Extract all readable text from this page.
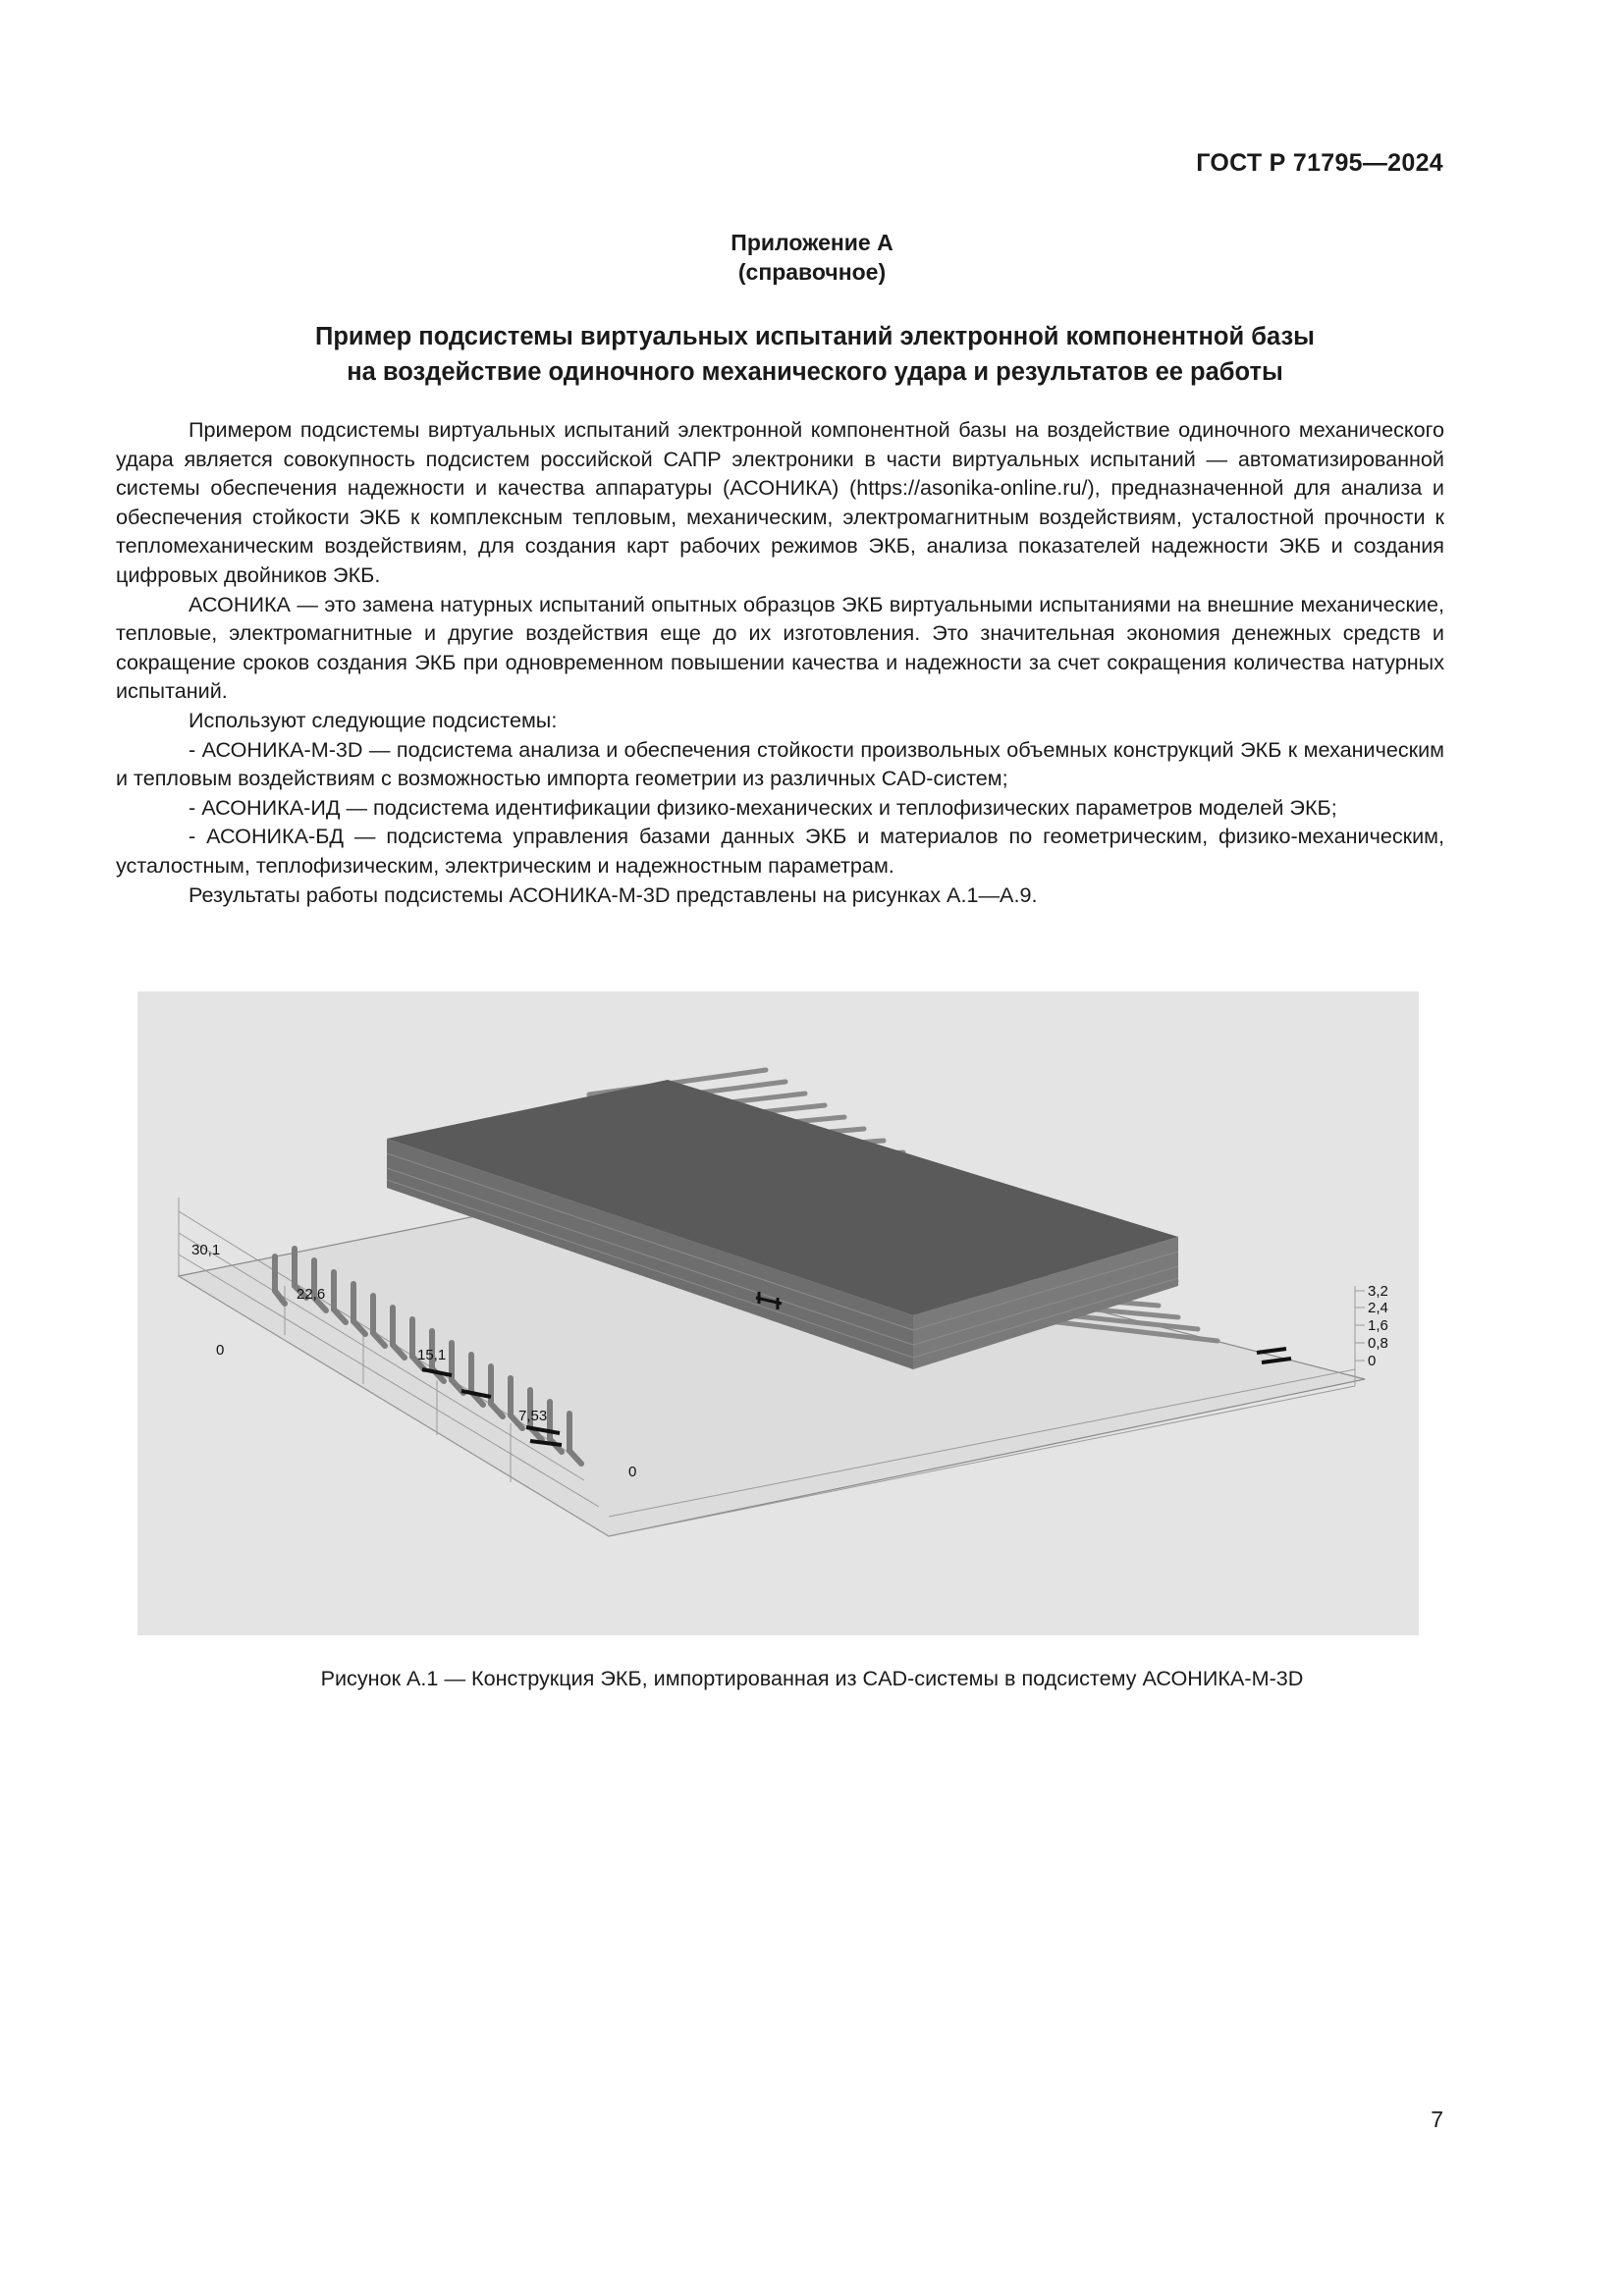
ГОСТ Р 71795—2024
Приложение А
(справочное)
Пример подсистемы виртуальных испытаний электронной компонентной базы
на воздействие одиночного механического удара и результатов ее работы

Примером подсистемы виртуальных испытаний электронной компонентной базы на воздействие одиночного механического удара является совокупность подсистем российской САПР электроники в части виртуальных испытаний — автоматизированной системы обеспечения надежности и качества аппаратуры (АСОНИКА) (https://asonika-online.ru/), предназначенной для анализа и обеспечения стойкости ЭКБ к комплексным тепловым, механическим, электромагнитным воздействиям, усталостной прочности к тепломеханическим воздействиям, для создания карт рабочих режимов ЭКБ, анализа показателей надежности ЭКБ и создания цифровых двойников ЭКБ.

АСОНИКА — это замена натурных испытаний опытных образцов ЭКБ виртуальными испытаниями на внешние механические, тепловые, электромагнитные и другие воздействия еще до их изготовления. Это значительная экономия денежных средств и сокращение сроков создания ЭКБ при одновременном повышении качества и надежности за счет сокращения количества натурных испытаний.

Используют следующие подсистемы:

- АСОНИКА-М-3D — подсистема анализа и обеспечения стойкости произвольных объемных конструкций ЭКБ к механическим и тепловым воздействиям с возможностью импорта геометрии из различных CAD-систем;

- АСОНИКА-ИД — подсистема идентификации физико-механических и теплофизических параметров моделей ЭКБ;

- АСОНИКА-БД — подсистема управления базами данных ЭКБ и материалов по геометрическим, физико-механическим, усталостным, теплофизическим, электрическим и надежностным параметрам.

Результаты работы подсистемы АСОНИКА-М-3D представлены на рисунках А.1—А.9.

30,1
22,6
15,1
7,53
0
0
3,2
2,4
1,6
0,8
0
Рисунок А.1 — Конструкция ЭКБ, импортированная из CAD-системы в подсистему АСОНИКА-М-3D
7
